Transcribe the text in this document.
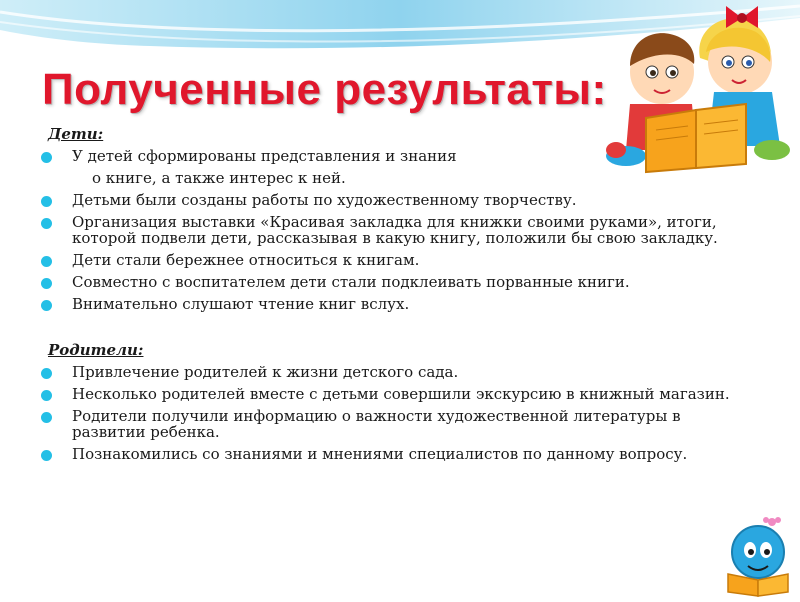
Полученные результаты:
Дети:
У детей сформированы представления и знания
о книге, а также интерес к ней.
Детьми были созданы работы по художественному творчеству.
Организация выставки «Красивая закладка для книжки своими руками», итоги, которой подвели дети, рассказывая в какую книгу, положили бы свою закладку.
Дети стали бережнее относиться к книгам.
Совместно с воспитателем дети стали подклеивать порванные книги.
Внимательно слушают чтение книг вслух.
Родители:
Привлечение родителей к жизни детского сада.
Несколько родителей вместе с детьми совершили экскурсию в книжный магазин.
Родители получили информацию о важности художественной литературы в развитии ребенка.
Познакомились со знаниями и мнениями специалистов по данному вопросу.
